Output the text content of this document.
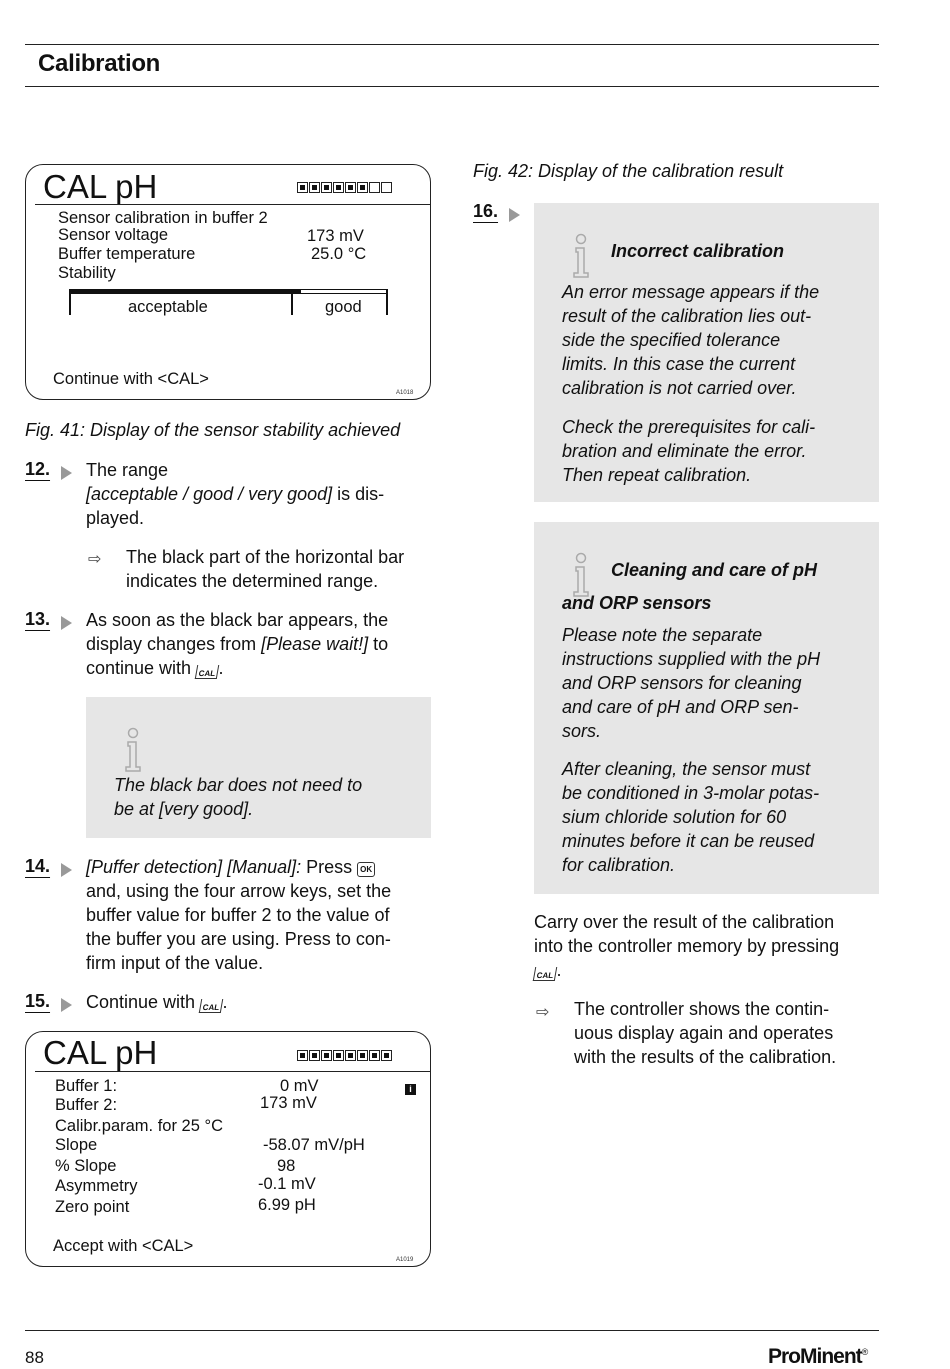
Calibration
CAL pH
Sensor calibration in buffer 2
Sensor voltage
Buffer temperature
Stability
173 mV
25.0 °C
acceptable	good
Continue with <CAL>
A1018
Fig. 41: Display of the sensor stability achieved
12. The range
[acceptable / good / very good] is dis-
played.
⇨ The black part of the horizontal bar
indicates the determined range.
13. As soon as the black bar appears, the
display changes from [Please wait!] to
continue with CAL .
The black bar does not need to
be at [very good].
14. [Puffer detection] [Manual]: Press OK
and, using the four arrow keys, set the
buffer value for buffer 2 to the value of
the buffer you are using. Press to con-
firm input of the value.
15. Continue with CAL .
CAL pH
Buffer 1:
Buffer 2:
Calibr.param. for 25 °C
Slope
% Slope
Asymmetry
Zero point
0 mV
173 mV
-58.07 mV/pH
98
-0.1 mV
6.99 pH
i
Accept with <CAL>
A1019
Fig. 42: Display of the calibration result
16.
Incorrect calibration
An error message appears if the
result of the calibration lies out-
side the specified tolerance
limits. In this case the current
calibration is not carried over.
Check the prerequisites for cali-
bration and eliminate the error.
Then repeat calibration.
Cleaning and care of pH
and ORP sensors
Please note the separate
instructions supplied with the pH
and ORP sensors for cleaning
and care of pH and ORP sen-
sors.
After cleaning, the sensor must
be conditioned in 3-molar potas-
sium chloride solution for 60
minutes before it can be reused
for calibration.
Carry over the result of the calibration
into the controller memory by pressing
CAL .
⇨ The controller shows the contin-
uous display again and operates
with the results of the calibration.
88	ProMinent®
